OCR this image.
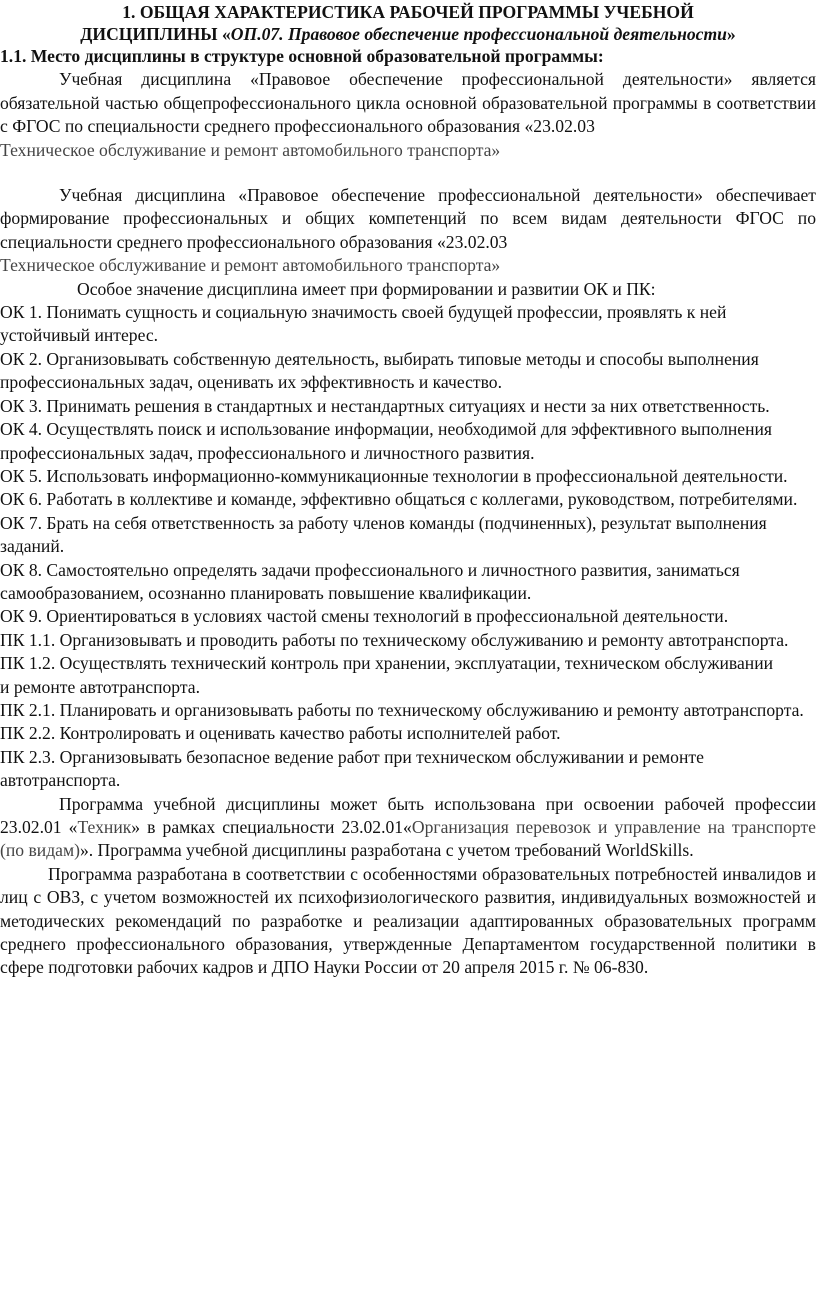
1. ОБЩАЯ ХАРАКТЕРИСТИКА РАБОЧЕЙ ПРОГРАММЫ УЧЕБНОЙ
ДИСЦИПЛИНЫ «ОП.07. Правовое обеспечение профессиональной деятельности»

1.1. Место дисциплины в структуре основной образовательной программы:

Учебная дисциплина «Правовое обеспечение профессиональной деятельности» является обязательной частью общепрофессионального цикла основной образовательной программы в соответствии с ФГОС по специальности среднего профессионального образования «23.02.03

Техническое обслуживание и ремонт автомобильного транспорта»

Учебная дисциплина «Правовое обеспечение профессиональной деятельности» обеспечивает формирование профессиональных и общих компетенций по всем видам деятельности ФГОС по специальности среднего профессионального образования «23.02.03

Техническое обслуживание и ремонт автомобильного транспорта»

Особое значение дисциплина имеет при формировании и развитии ОК и ПК:

ОК 1. Понимать сущность и социальную значимость своей будущей профессии, проявлять к ней

устойчивый интерес.

ОК 2. Организовывать собственную деятельность, выбирать типовые методы и способы выполнения

профессиональных задач, оценивать их эффективность и качество.

ОК 3. Принимать решения в стандартных и нестандартных ситуациях и нести за них ответственность.

ОК 4. Осуществлять поиск и использование информации, необходимой для эффективного выполнения профессиональных задач, профессионального и личностного развития.

ОК 5. Использовать информационно-коммуникационные технологии в профессиональной деятельности.

ОК 6. Работать в коллективе и команде, эффективно общаться с коллегами, руководством, потребителями.

ОК 7. Брать на себя ответственность за работу членов команды (подчиненных), результат выполнения заданий.

ОК 8. Самостоятельно определять задачи профессионального и личностного развития, заниматься

самообразованием, осознанно планировать повышение квалификации.

ОК 9. Ориентироваться в условиях частой смены технологий в профессиональной деятельности.

ПК 1.1. Организовывать и проводить работы по техническому обслуживанию и ремонту автотранспорта.

ПК 1.2. Осуществлять технический контроль при хранении, эксплуатации, техническом обслуживании

и ремонте автотранспорта.

ПК 2.1. Планировать и организовывать работы по техническому обслуживанию и ремонту автотранспорта.

ПК 2.2. Контролировать и оценивать качество работы исполнителей работ.

ПК 2.3. Организовывать безопасное ведение работ при техническом обслуживании и ремонте

автотранспорта.

Программа учебной дисциплины может быть использована при освоении рабочей профессии 23.02.01 «Техник» в рамках специальности 23.02.01«Организация перевозок и управление на транспорте (по видам)». Программа учебной дисциплины разработана с учетом требований WorldSkills.

Программа разработана в соответствии с особенностями образовательных потребностей инвалидов и лиц с ОВЗ, с учетом возможностей их психофизиологического развития, индивидуальных возможностей и методических рекомендаций по разработке и реализации адаптированных образовательных программ среднего профессионального образования, утвержденные Департаментом государственной политики в сфере подготовки рабочих кадров и ДПО Науки России от 20 апреля 2015 г. № 06-830.
